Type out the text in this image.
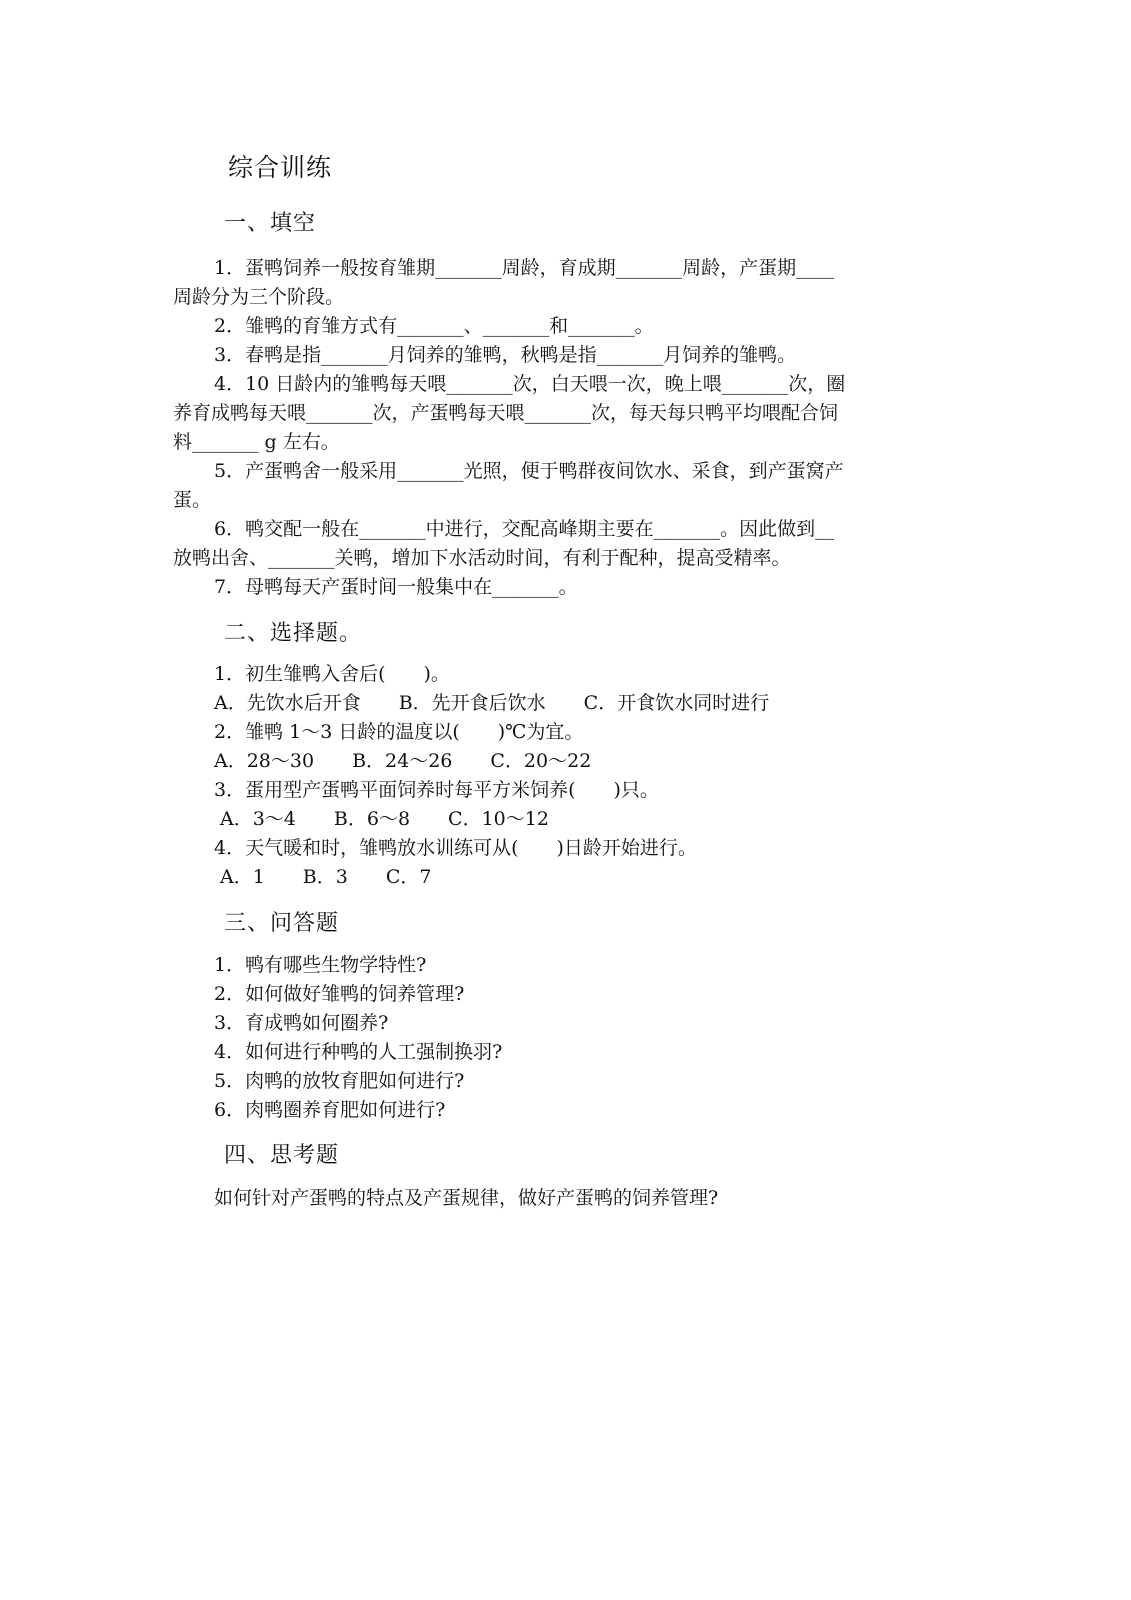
综合训练
一、填空

1．蛋鸭饲养一般按育雏期_______周龄，育成期_______周龄，产蛋期____

周龄分为三个阶段。

2．雏鸭的育雏方式有_______、_______和_______。

3．春鸭是指_______月饲养的雏鸭，秋鸭是指_______月饲养的雏鸭。

4．10 日龄内的雏鸭每天喂_______次，白天喂一次，晚上喂_______次，圈

养育成鸭每天喂_______次，产蛋鸭每天喂_______次，每天每只鸭平均喂配合饲

料_______ g 左右。

5．产蛋鸭舍一般采用_______光照，便于鸭群夜间饮水、采食，到产蛋窝产

蛋。

6．鸭交配一般在_______中进行，交配高峰期主要在_______。因此做到__

放鸭出舍、_______关鸭，增加下水活动时间，有利于配种，提高受精率。

7．母鸭每天产蛋时间一般集中在_______。

二、选择题。

1．初生雏鸭入舍后(　　)。

A．先饮水后开食　　B．先开食后饮水　　C．开食饮水同时进行

2．雏鸭 1～3 日龄的温度以(　　)℃为宜。

A．28～30　　B．24～26　　C．20～22

3．蛋用型产蛋鸭平面饲养时每平方米饲养(　　)只。

A．3～4　　B．6～8　　C．10～12

4．天气暖和时，雏鸭放水训练可从(　　)日龄开始进行。

A．1　　B．3　　C．7

三、问答题

1．鸭有哪些生物学特性?

2．如何做好雏鸭的饲养管理?

3．育成鸭如何圈养?

4．如何进行种鸭的人工强制换羽?

5．肉鸭的放牧育肥如何进行?

6．肉鸭圈养育肥如何进行?

四、思考题

如何针对产蛋鸭的特点及产蛋规律，做好产蛋鸭的饲养管理?
